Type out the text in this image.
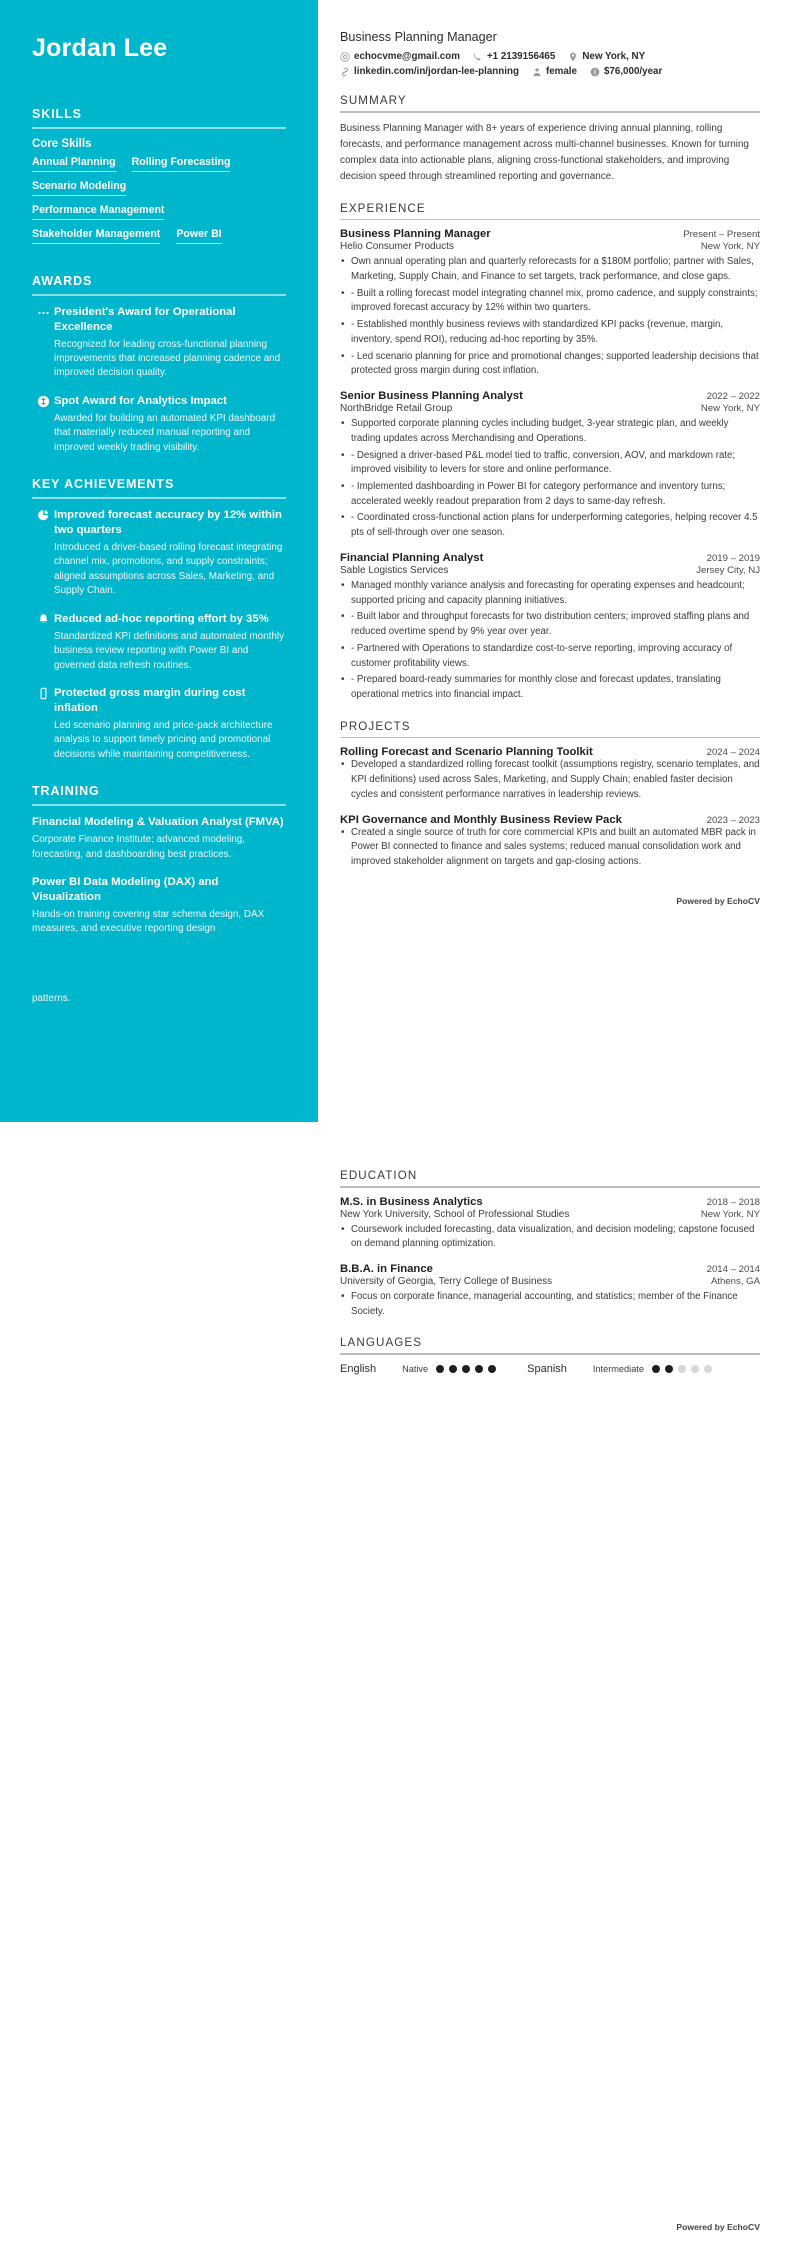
Jordan Lee
SKILLS
Core Skills
Annual Planning Rolling Forecasting
Scenario Modeling
Performance Management
Stakeholder Management Power BI
AWARDS
President's Award for Operational Excellence
Recognized for leading cross-functional planning improvements that increased planning cadence and improved decision quality.
Spot Award for Analytics Impact
Awarded for building an automated KPI dashboard that materially reduced manual reporting and improved weekly trading visibility.
KEY ACHIEVEMENTS
Improved forecast accuracy by 12% within two quarters
Introduced a driver-based rolling forecast integrating channel mix, promotions, and supply constraints; aligned assumptions across Sales, Marketing, and Supply Chain.
Reduced ad-hoc reporting effort by 35%
Standardized KPI definitions and automated monthly business review reporting with Power BI and governed data refresh routines.
Protected gross margin during cost inflation
Led scenario planning and price-pack architecture analysis to support timely pricing and promotional decisions while maintaining competitiveness.
TRAINING
Financial Modeling & Valuation Analyst (FMVA)
Corporate Finance Institute; advanced modeling, forecasting, and dashboarding best practices.
Power BI Data Modeling (DAX) and Visualization
Hands-on training covering star schema design, DAX measures, and executive reporting design
patterns.
Business Planning Manager
echocvme@gmail.com	+1 2139156465	New York, NY
linkedin.com/in/jordan-lee-planning	female	$76,000/year
SUMMARY

Business Planning Manager with 8+ years of experience driving annual planning, rolling forecasts, and performance management across multi-channel businesses. Known for turning complex data into actionable plans, aligning cross-functional stakeholders, and improving decision speed through streamlined reporting and governance.

EXPERIENCE
Business Planning Manager	Present – Present
Helio Consumer Products	New York, NY
• Own annual operating plan and quarterly reforecasts for a $180M portfolio; partner with Sales, Marketing, Supply Chain, and Finance to set targets, track performance, and close gaps.
• - Built a rolling forecast model integrating channel mix, promo cadence, and supply constraints; improved forecast accuracy by 12% within two quarters.
• - Established monthly business reviews with standardized KPI packs (revenue, margin, inventory, spend ROI), reducing ad-hoc reporting by 35%.
• - Led scenario planning for price and promotional changes; supported leadership decisions that protected gross margin during cost inflation.
Senior Business Planning Analyst	2022 – 2022
NorthBridge Retail Group	New York, NY
• Supported corporate planning cycles including budget, 3-year strategic plan, and weekly trading updates across Merchandising and Operations.
• - Designed a driver-based P&L model tied to traffic, conversion, AOV, and markdown rate; improved visibility to levers for store and online performance.
• - Implemented dashboarding in Power BI for category performance and inventory turns; accelerated weekly readout preparation from 2 days to same-day refresh.
• - Coordinated cross-functional action plans for underperforming categories, helping recover 4.5 pts of sell-through over one season.
Financial Planning Analyst	2019 – 2019
Sable Logistics Services	Jersey City, NJ
• Managed monthly variance analysis and forecasting for operating expenses and headcount; supported pricing and capacity planning initiatives.
• - Built labor and throughput forecasts for two distribution centers; improved staffing plans and reduced overtime spend by 9% year over year.
• - Partnered with Operations to standardize cost-to-serve reporting, improving accuracy of customer profitability views.
• - Prepared board-ready summaries for monthly close and forecast updates, translating operational metrics into financial impact.
PROJECTS
Rolling Forecast and Scenario Planning Toolkit	2024 – 2024
• Developed a standardized rolling forecast toolkit (assumptions registry, scenario templates, and KPI definitions) used across Sales, Marketing, and Supply Chain; enabled faster decision cycles and consistent performance narratives in leadership reviews.
KPI Governance and Monthly Business Review Pack	2023 – 2023
• Created a single source of truth for core commercial KPIs and built an automated MBR pack in Power BI connected to finance and sales systems; reduced manual consolidation work and improved stakeholder alignment on targets and gap-closing actions.
Powered by EchoCV
EDUCATION
M.S. in Business Analytics	2018 – 2018
New York University, School of Professional Studies	New York, NY
• Coursework included forecasting, data visualization, and decision modeling; capstone focused on demand planning optimization.
B.B.A. in Finance	2014 – 2014
University of Georgia, Terry College of Business	Athens, GA
• Focus on corporate finance, managerial accounting, and statistics; member of the Finance Society.
LANGUAGES
English	Native	Spanish	Intermediate
Powered by EchoCV
